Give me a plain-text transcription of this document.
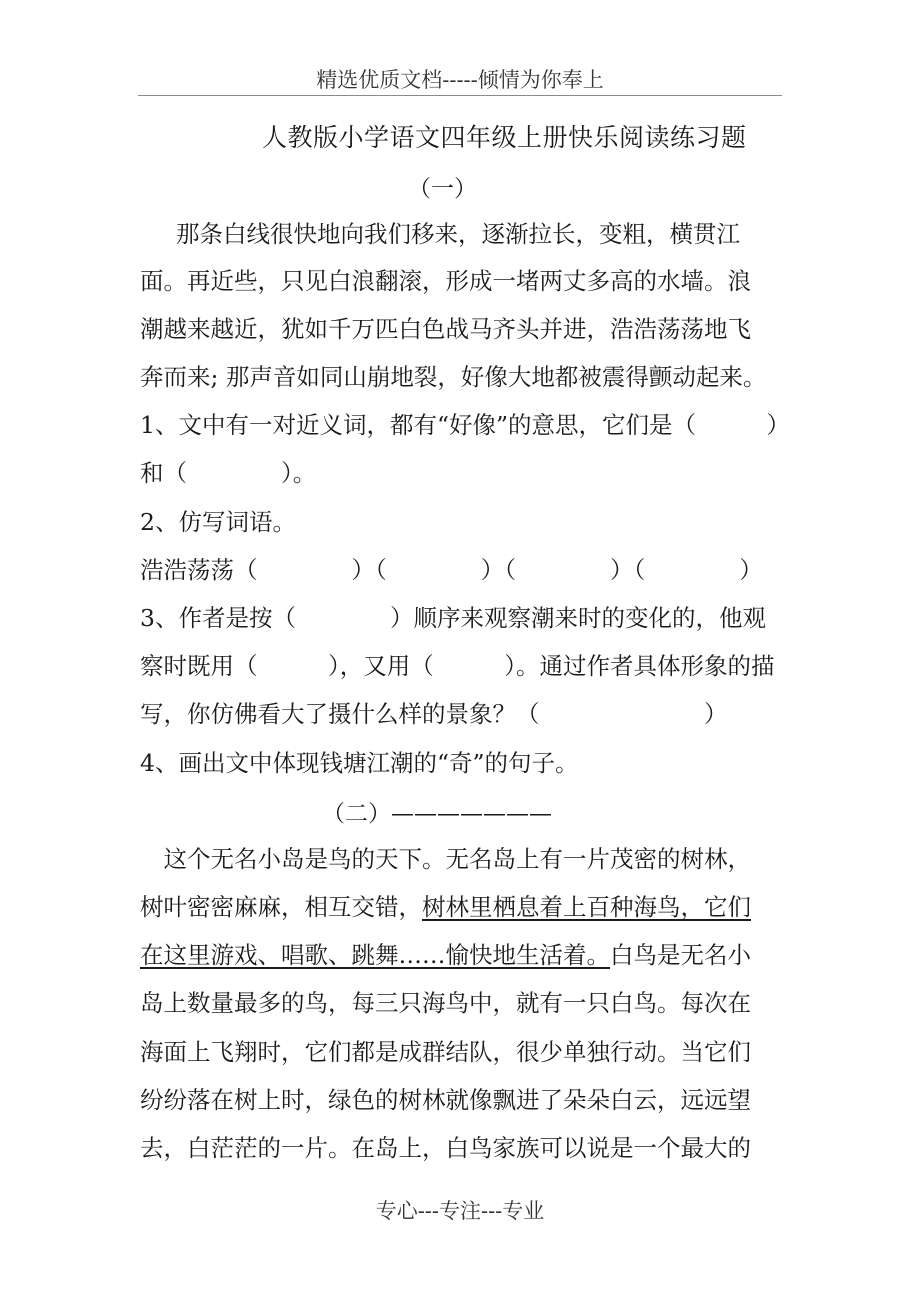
精选优质文档-----倾情为你奉上
人教版小学语文四年级上册快乐阅读练习题
（一）
那条白线很快地向我们移来，逐渐拉长，变粗，横贯江
面。再近些，只见白浪翻滚，形成一堵两丈多高的水墙。浪
潮越来越近，犹如千万匹白色战马齐头并进，浩浩荡荡地飞
奔而来; 那声音如同山崩地裂，好像大地都被震得颤动起来。
1、文中有一对近义词，都有“好像”的意思，它们是（　　　）
和（　　　　）。
2、仿写词语。
浩浩荡荡（　　　　）（　　　　）（　　　　）（　　　　）
3、作者是按（　　　　）顺序来观察潮来时的变化的，他观
察时既用（　　　），又用（　　　）。通过作者具体形象的描
写，你仿佛看大了摄什么样的景象？（　　　　　　　）
4、画出文中体现钱塘江潮的“奇”的句子。
（二）———————
　这个无名小岛是鸟的天下。无名岛上有一片茂密的树林，
树叶密密麻麻，相互交错，树林里栖息着上百种海鸟，它们
在这里游戏、唱歌、跳舞……愉快地生活着。白鸟是无名小
岛上数量最多的鸟，每三只海鸟中，就有一只白鸟。每次在
海面上飞翔时，它们都是成群结队，很少单独行动。当它们
纷纷落在树上时，绿色的树林就像飘进了朵朵白云，远远望
去，白茫茫的一片。在岛上，白鸟家族可以说是一个最大的
专心---专注---专业
